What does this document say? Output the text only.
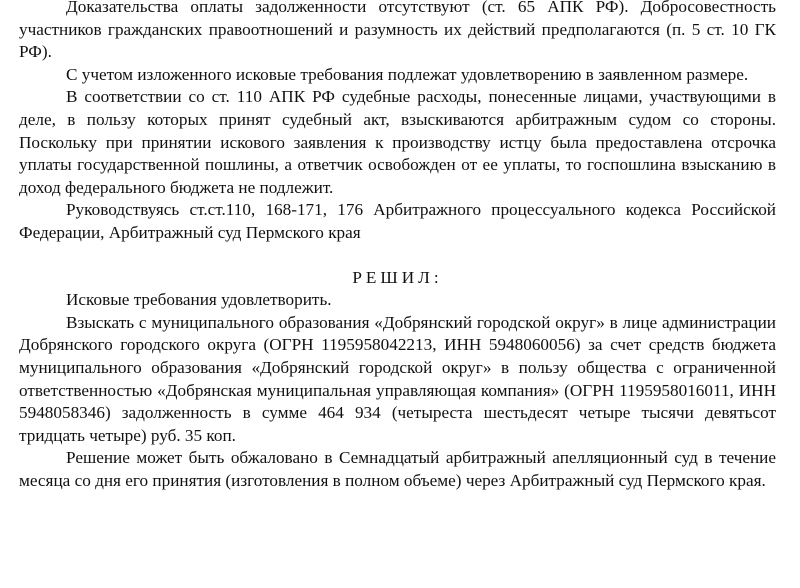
Доказательства оплаты задолженности отсутствуют (ст. 65 АПК РФ). Добросовестность участников гражданских правоотношений и разумность их действий предполагаются (п. 5 ст. 10 ГК РФ).

С учетом изложенного исковые требования подлежат удовлетворению в заявленном размере.

В соответствии со ст. 110 АПК РФ судебные расходы, понесенные лицами, участвующими в деле, в пользу которых принят судебный акт, взыскиваются арбитражным судом со стороны. Поскольку при принятии искового заявления к производству истцу была предоставлена отсрочка уплаты государственной пошлины, а ответчик освобожден от ее уплаты, то госпошлина взысканию в доход федерального бюджета не подлежит.

Руководствуясь ст.ст.110, 168-171, 176 Арбитражного процессуального кодекса Российской Федерации, Арбитражный суд Пермского края

РЕШИЛ:

Исковые требования удовлетворить.

Взыскать с муниципального образования «Добрянский городской округ» в лице администрации Добрянского городского округа (ОГРН 1195958042213, ИНН 5948060056) за счет средств бюджета муниципального образования «Добрянский городской округ» в пользу общества с ограниченной ответственностью «Добрянская муниципальная управляющая компания» (ОГРН 1195958016011, ИНН 5948058346) задолженность в сумме 464 934 (четыреста шестьдесят четыре тысячи девятьсот тридцать четыре) руб. 35 коп.

Решение может быть обжаловано в Семнадцатый арбитражный апелляционный суд в течение месяца со дня его принятия (изготовления в полном объеме) через Арбитражный суд Пермского края.
